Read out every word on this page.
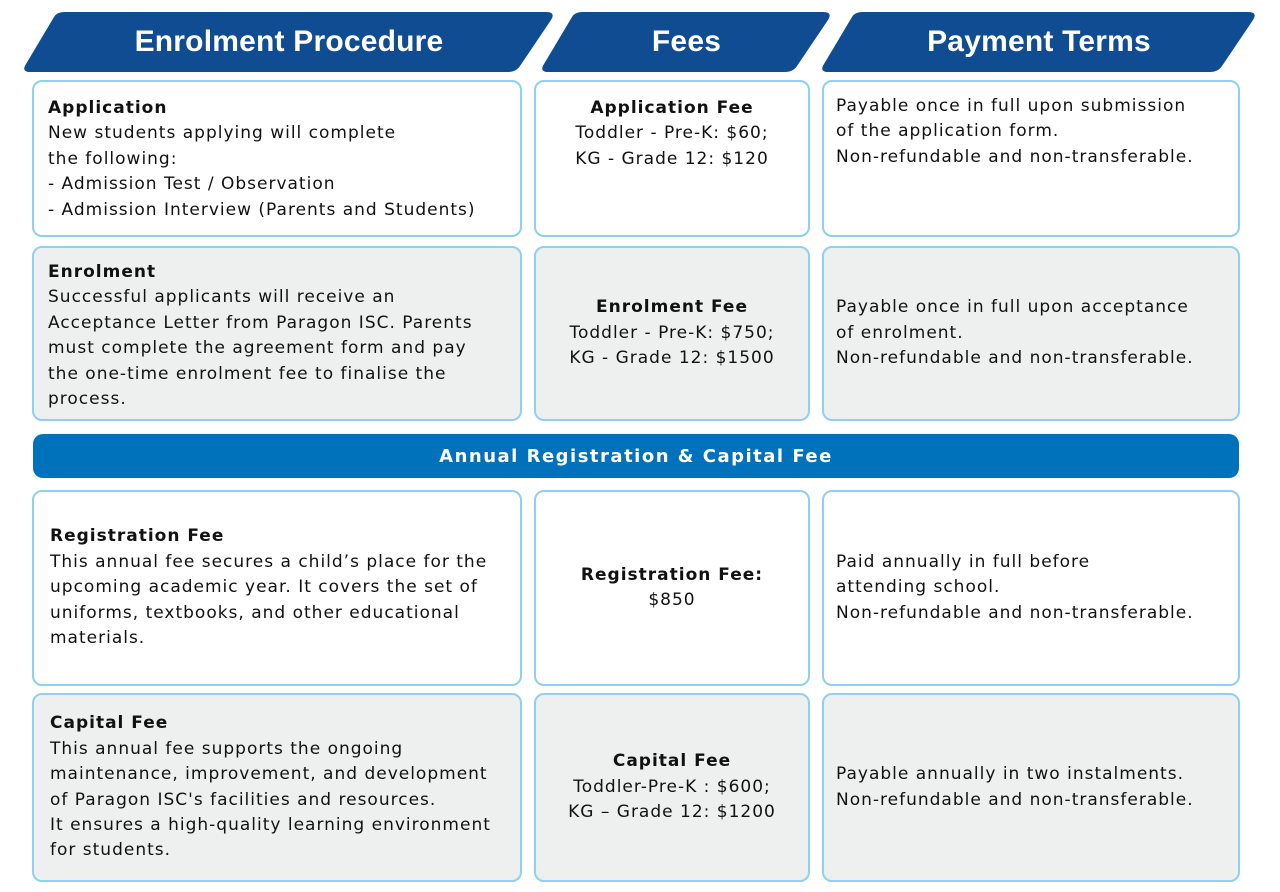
Enrolment Procedure	Fees	Payment Terms
Application
New students applying will complete
the following:
- Admission Test / Observation
- Admission Interview (Parents and Students)
Application Fee
Toddler - Pre-K: $60;
KG - Grade 12: $120
Payable once in full upon submission
of the application form.
Non-refundable and non-transferable.
Enrolment
Successful applicants will receive an
Acceptance Letter from Paragon ISC. Parents
must complete the agreement form and pay
the one-time enrolment fee to finalise the
process.
Enrolment Fee
Toddler - Pre-K: $750;
KG - Grade 12: $1500
Payable once in full upon acceptance
of enrolment.
Non-refundable and non-transferable.
Annual Registration & Capital Fee
Registration Fee
This annual fee secures a child’s place for the
upcoming academic year. It covers the set of
uniforms, textbooks, and other educational
materials.
Registration Fee:
$850
Paid annually in full before
attending school.
Non-refundable and non-transferable.
Capital Fee
This annual fee supports the ongoing
maintenance, improvement, and development
of Paragon ISC's facilities and resources.
It ensures a high-quality learning environment
for students.
Capital Fee
Toddler-Pre-K : $600;
KG – Grade 12: $1200
Payable annually in two instalments.
Non-refundable and non-transferable.
